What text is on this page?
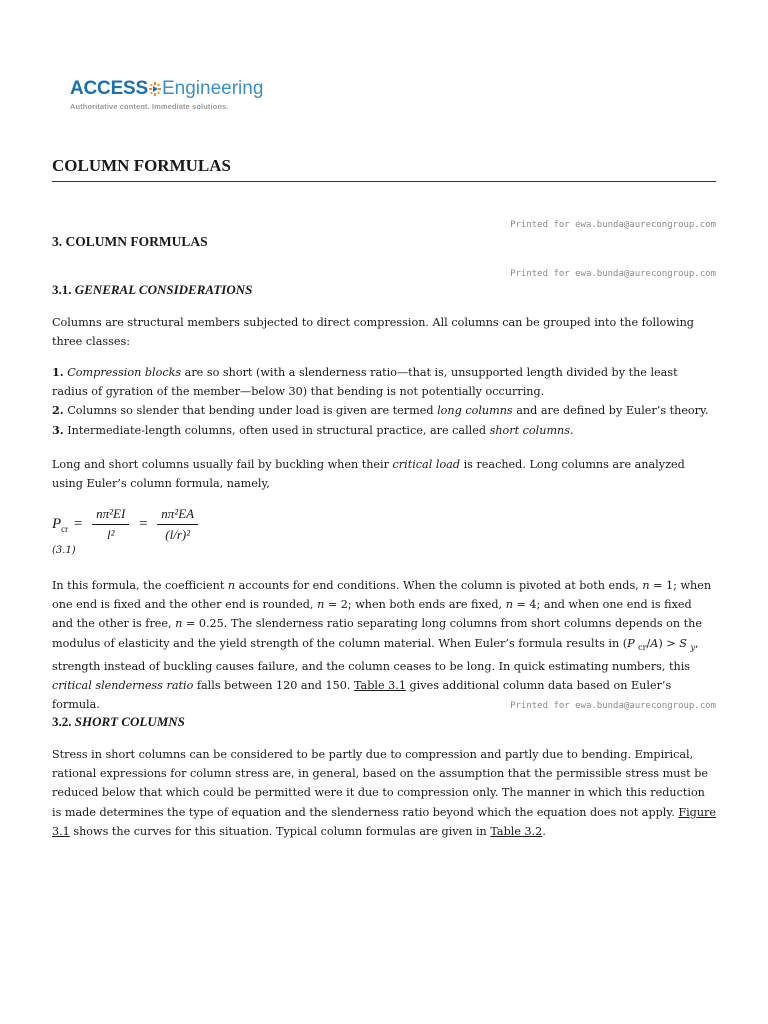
ACCESS Engineering
Authoritative content. Immediate solutions.
COLUMN FORMULAS
Printed for ewa.bunda@aurecongroup.com
3. COLUMN FORMULAS
Printed for ewa.bunda@aurecongroup.com
3.1. GENERAL CONSIDERATIONS
Columns are structural members subjected to direct compression. All columns can be grouped into the following three classes:
1. Compression blocks are so short (with a slenderness ratio—that is, unsupported length divided by the least radius of gyration of the member—below 30) that bending is not potentially occurring.
2. Columns so slender that bending under load is given are termed long columns and are defined by Euler’s theory.
3. Intermediate-length columns, often used in structural practice, are called short columns.
Long and short columns usually fail by buckling when their critical load is reached. Long columns are analyzed using Euler’s column formula, namely,
$P_{cr} = \frac{\text{nπ²EI}}{\text{l²}} = \frac{\text{nπ²EA}}{\text{(l/r)²}}$
(3.1)
In this formula, the coefficient n accounts for end conditions. When the column is pivoted at both ends, n = 1; when one end is fixed and the other end is rounded, n = 2; when both ends are fixed, n = 4; and when one end is fixed and the other is free, n = 0.25. The slenderness ratio separating long columns from short columns depends on the modulus of elasticity and the yield strength of the column material. When Euler’s formula results in (P $_{cr}$/A) > S $_y$, strength instead of buckling causes failure, and the column ceases to be long. In quick estimating numbers, this critical slenderness ratio falls between 120 and 150. Table 3.1 gives additional column data based on Euler’s formula.	Printed for ewa.bunda@aurecongroup.com
3.2. SHORT COLUMNS
Stress in short columns can be considered to be partly due to compression and partly due to bending. Empirical, rational expressions for column stress are, in general, based on the assumption that the permissible stress must be reduced below that which could be permitted were it due to compression only. The manner in which this reduction is made determines the type of equation and the slenderness ratio beyond which the equation does not apply. Figure 3.1 shows the curves for this situation. Typical column formulas are given in Table 3.2.
